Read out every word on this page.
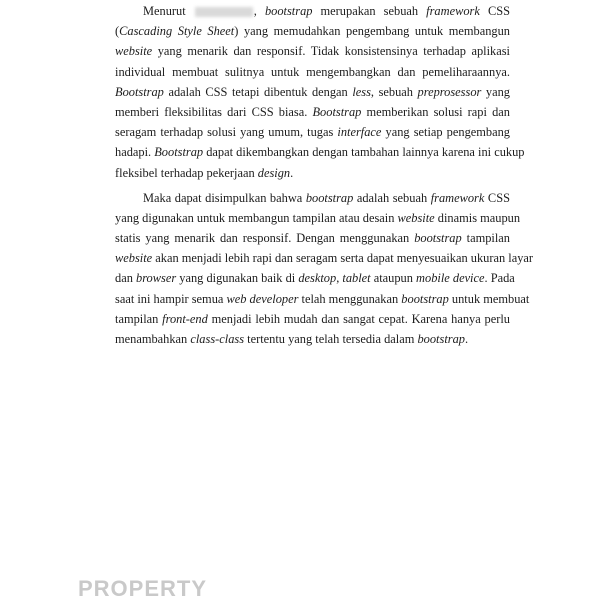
Menurut	, bootstrap merupakan sebuah framework CSS
(Cascading Style Sheet) yang memudahkan pengembang untuk membangun
website yang menarik dan responsif. Tidak konsistensinya terhadap aplikasi
individual membuat sulitnya untuk mengembangkan dan pemeliharaannya.
Bootstrap adalah CSS tetapi dibentuk dengan less, sebuah preprosessor yang
memberi fleksibilitas dari CSS biasa. Bootstrap memberikan solusi rapi dan
seragam terhadap solusi yang umum, tugas interface yang setiap pengembang
hadapi. Bootstrap dapat dikembangkan dengan tambahan lainnya karena ini cukup
fleksibel terhadap pekerjaan design.

Maka dapat disimpulkan bahwa bootstrap adalah sebuah framework CSS
yang digunakan untuk membangun tampilan atau desain website dinamis maupun
statis yang menarik dan responsif. Dengan menggunakan bootstrap tampilan
website akan menjadi lebih rapi dan seragam serta dapat menyesuaikan ukuran layar
dan browser yang digunakan baik di desktop, tablet ataupun mobile device. Pada
saat ini hampir semua web developer telah menggunakan bootstrap untuk membuat
tampilan front-end menjadi lebih mudah dan sangat cepat. Karena hanya perlu
menambahkan class-class tertentu yang telah tersedia dalam bootstrap.

PROPERTY
